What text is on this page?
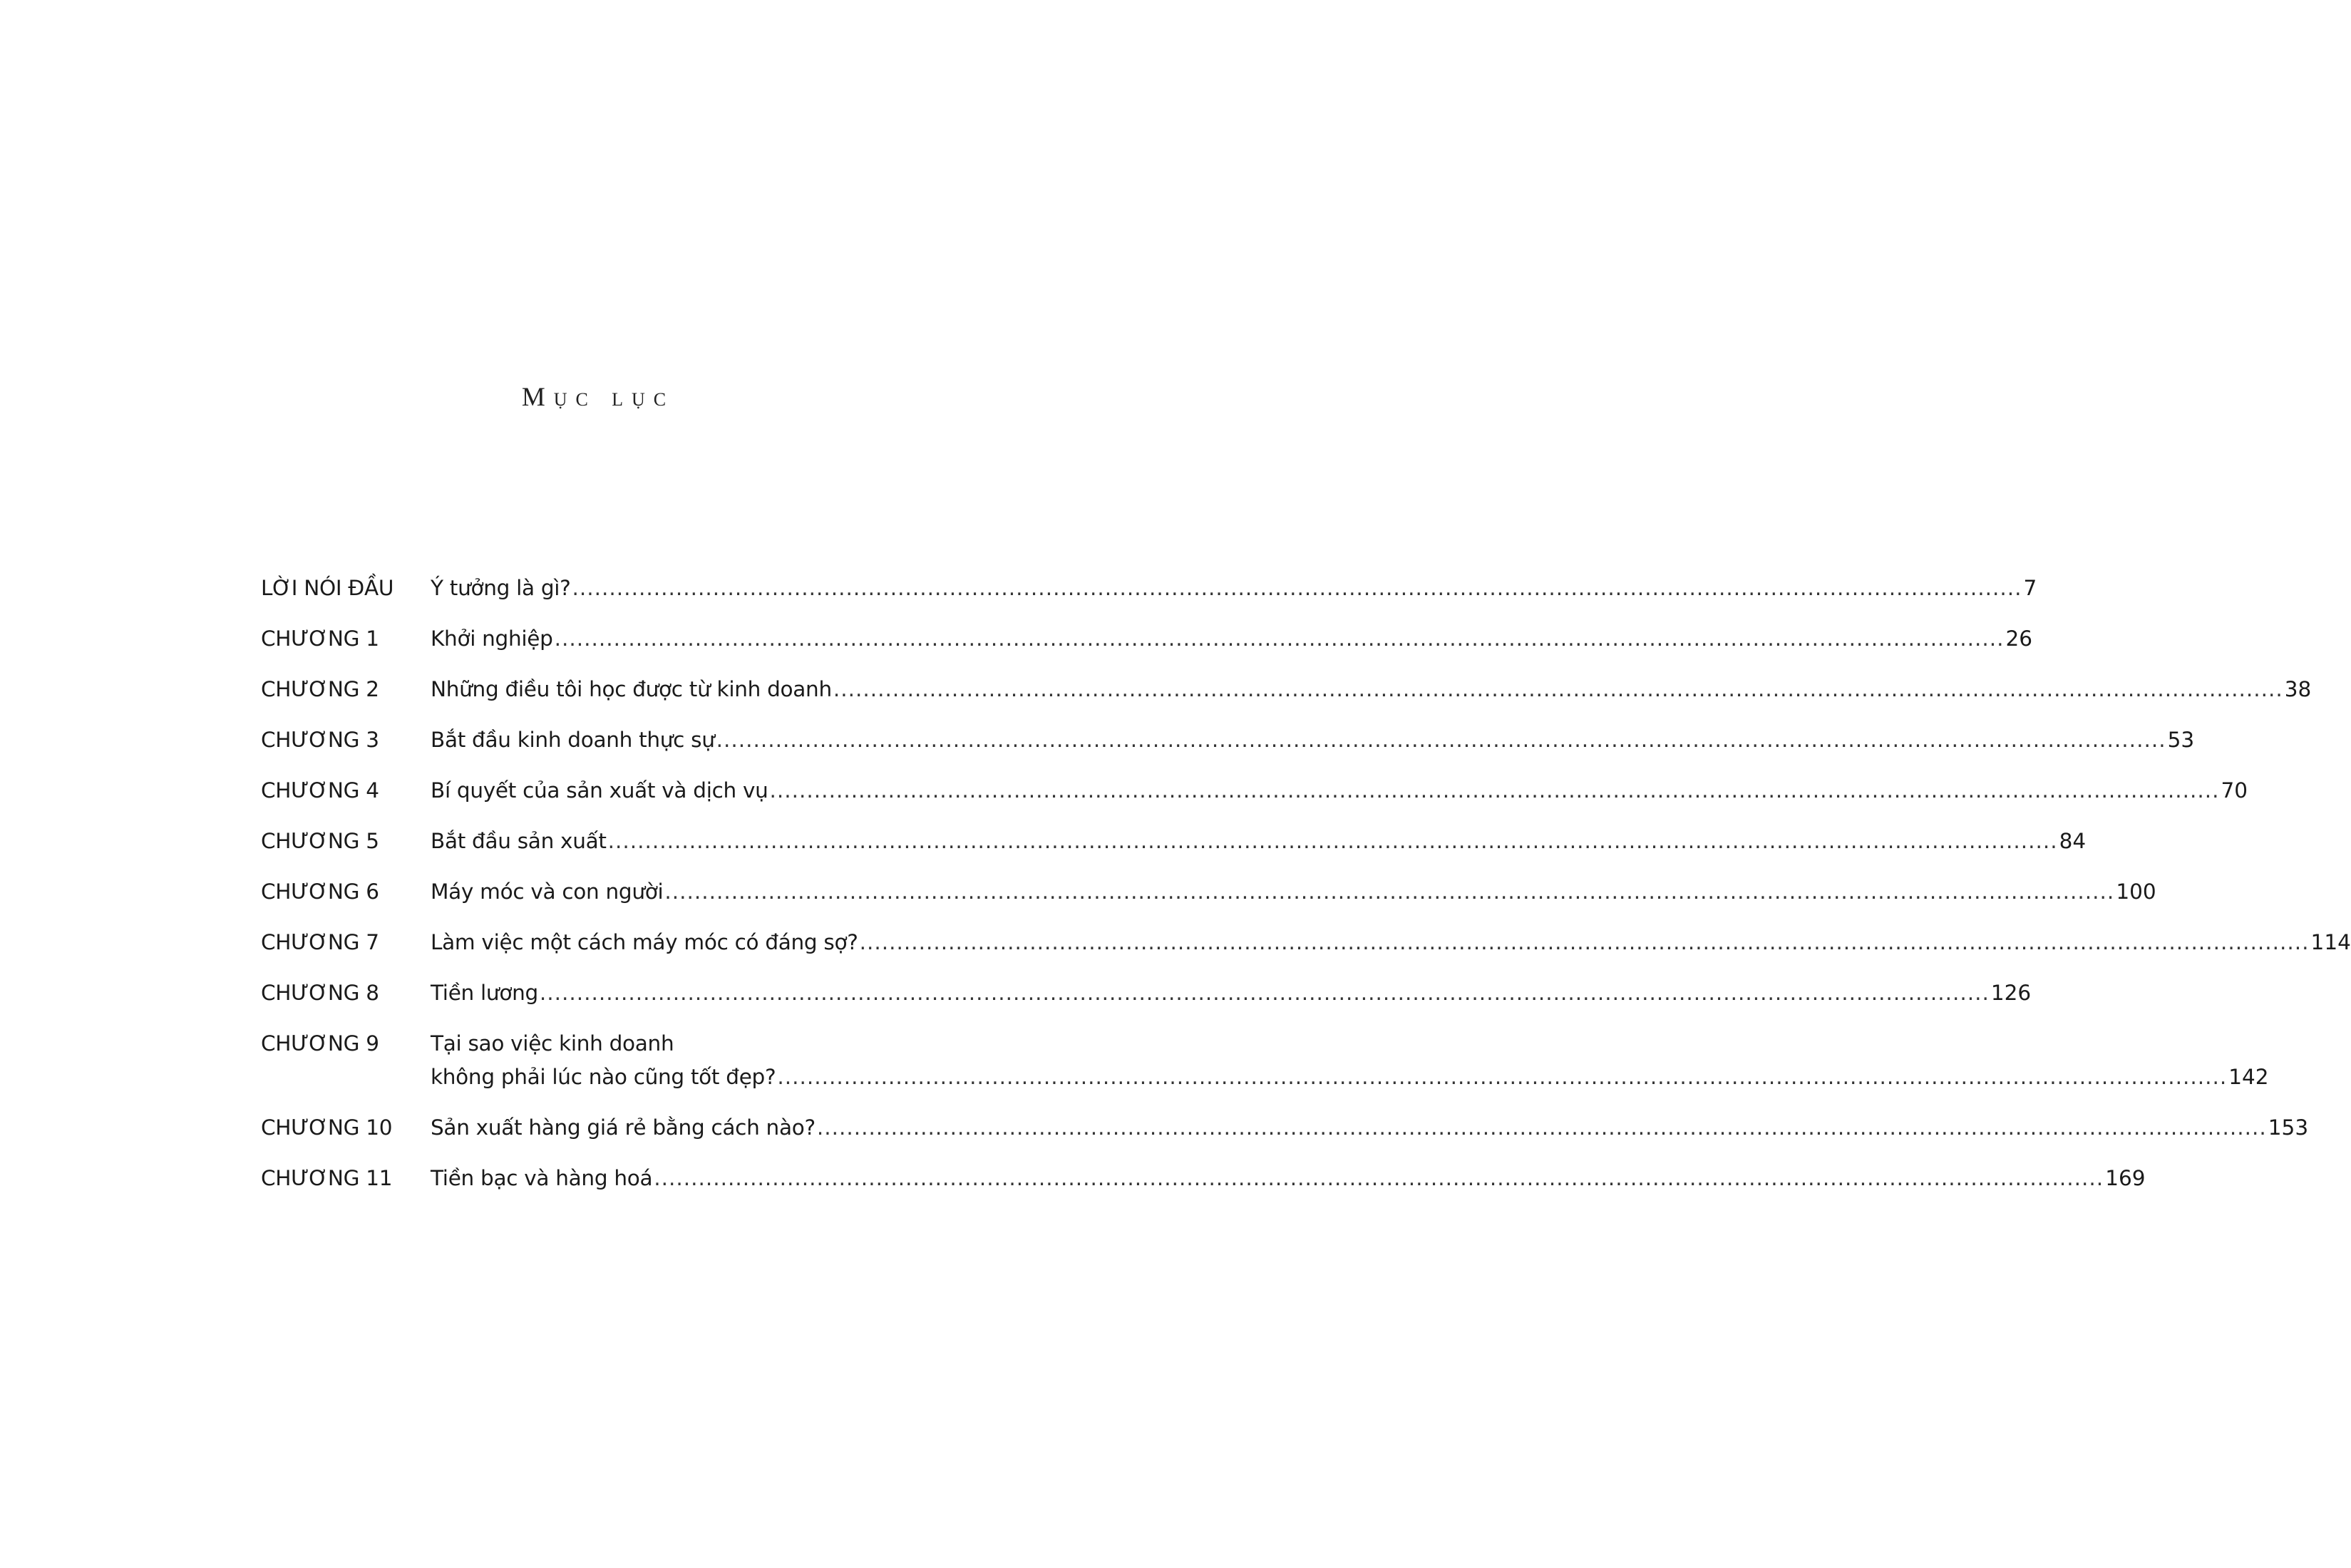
Mục lục
LỜI NÓI ĐẦU	Ý tưởng là gì? .....	7
CHƯƠNG 1	Khởi nghiệp .....	26
CHƯƠNG 2	Những điều tôi học được từ kinh doanh .....	38
CHƯƠNG 3	Bắt đầu kinh doanh thực sự .....	53
CHƯƠNG 4	Bí quyết của sản xuất và dịch vụ .....	70
CHƯƠNG 5	Bắt đầu sản xuất .....	84
CHƯƠNG 6	Máy móc và con người .....	100
CHƯƠNG 7	Làm việc một cách máy móc có đáng sợ? .....	114
CHƯƠNG 8	Tiền lương .....	126
CHƯƠNG 9	Tại sao việc kinh doanh
không phải lúc nào cũng tốt đẹp? .....	142
CHƯƠNG 10	Sản xuất hàng giá rẻ bằng cách nào? .....	153
CHƯƠNG 11	Tiền bạc và hàng hoá .....	169
